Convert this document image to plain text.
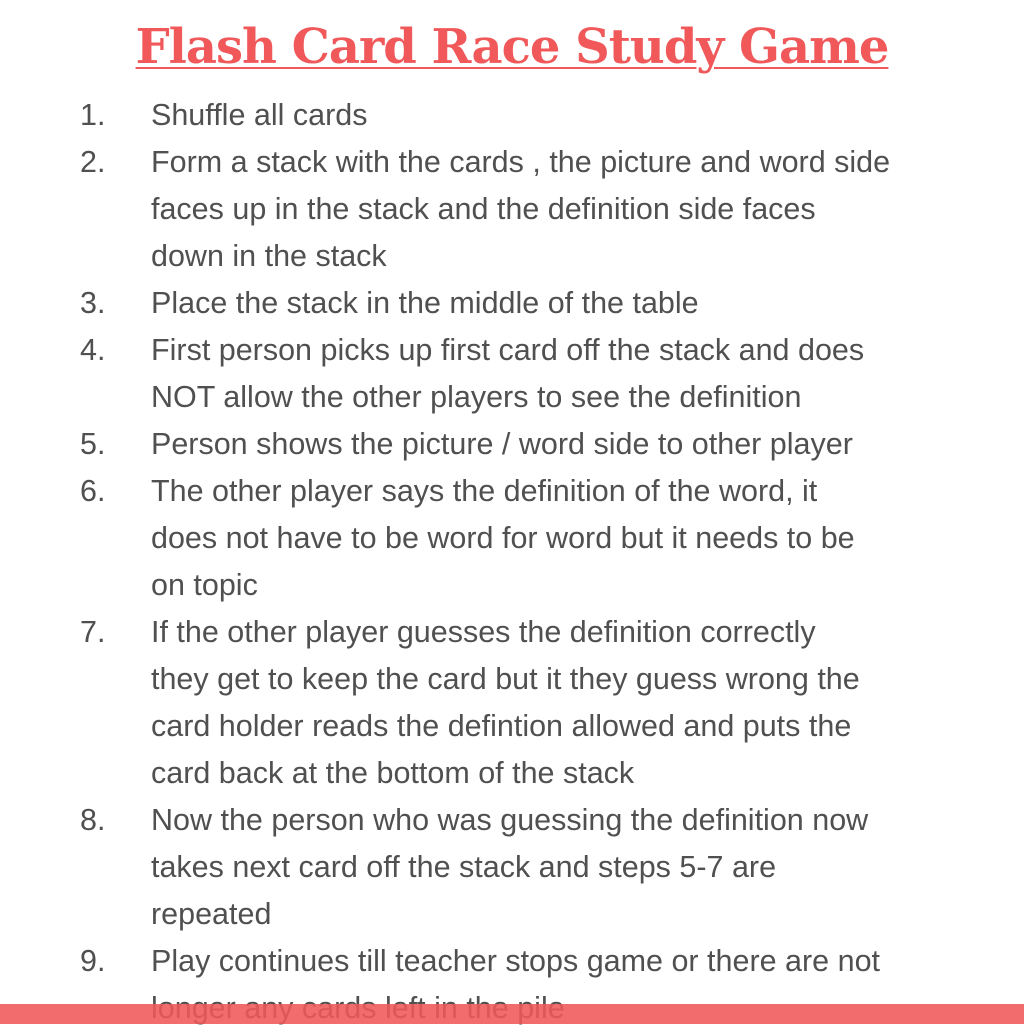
Flash Card Race Study Game
1. Shuffle all cards
2. Form a stack with the cards , the picture and word side
faces up in the stack and the definition side faces
down in the stack
3. Place the stack in the middle of the table
4. First person picks up first card off the stack and does
NOT allow the other players to see the definition
5. Person shows the picture / word side to other player
6. The other player says the definition of the word, it
does not have to be word for word but it needs to be
on topic
7. If the other player guesses the definition correctly
they get to keep the card but it they guess wrong the
card holder reads the defintion allowed and puts the
card back at the bottom of the stack
8. Now the person who was guessing the definition now
takes next card off the stack and steps 5-7 are
repeated
9. Play continues till teacher stops game or there are not
